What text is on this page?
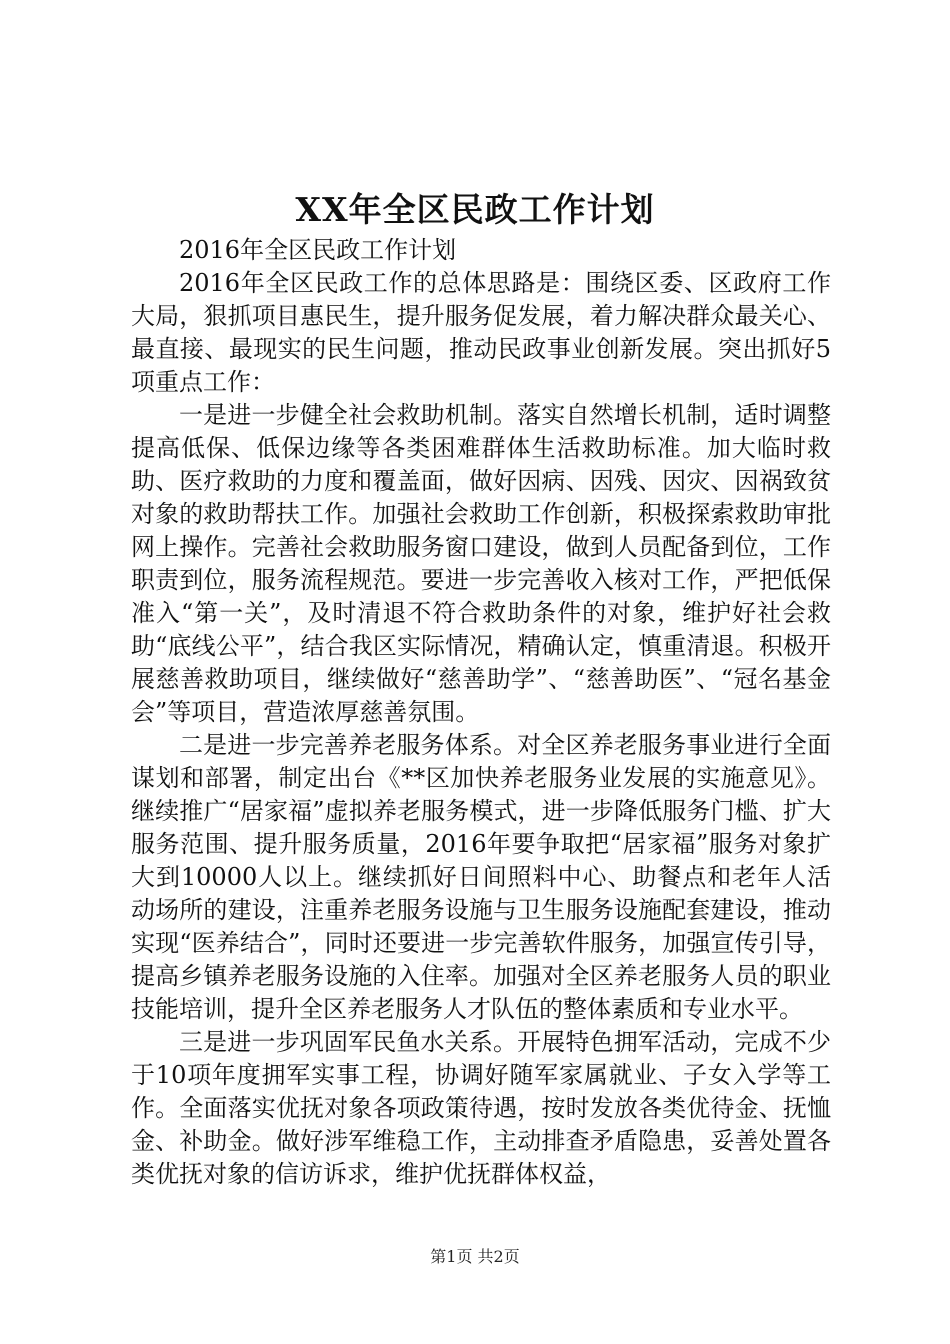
XX年全区民政工作计划

2016年全区民政工作计划

2016年全区民政工作的总体思路是：围绕区委、区政府工作大局，狠抓项目惠民生，提升服务促发展，着力解决群众最关心、最直接、最现实的民生问题，推动民政事业创新发展。突出抓好5项重点工作：

一是进一步健全社会救助机制。落实自然增长机制，适时调整提高低保、低保边缘等各类困难群体生活救助标准。加大临时救助、医疗救助的力度和覆盖面，做好因病、因残、因灾、因祸致贫对象的救助帮扶工作。加强社会救助工作创新，积极探索救助审批网上操作。完善社会救助服务窗口建设，做到人员配备到位，工作职责到位，服务流程规范。要进一步完善收入核对工作，严把低保准入“第一关”，及时清退不符合救助条件的对象，维护好社会救助“底线公平”，结合我区实际情况，精确认定，慎重清退。积极开展慈善救助项目，继续做好“慈善助学”、“慈善助医”、“冠名基金会”等项目，营造浓厚慈善氛围。

二是进一步完善养老服务体系。对全区养老服务事业进行全面谋划和部署，制定出台《**区加快养老服务业发展的实施意见》。继续推广“居家福”虚拟养老服务模式，进一步降低服务门槛、扩大服务范围、提升服务质量，2016年要争取把“居家福”服务对象扩大到10000人以上。继续抓好日间照料中心、助餐点和老年人活动场所的建设，注重养老服务设施与卫生服务设施配套建设，推动实现“医养结合”，同时还要进一步完善软件服务，加强宣传引导，提高乡镇养老服务设施的入住率。加强对全区养老服务人员的职业技能培训，提升全区养老服务人才队伍的整体素质和专业水平。

三是进一步巩固军民鱼水关系。开展特色拥军活动，完成不少于10项年度拥军实事工程，协调好随军家属就业、子女入学等工作。全面落实优抚对象各项政策待遇，按时发放各类优待金、抚恤金、补助金。做好涉军维稳工作，主动排查矛盾隐患，妥善处置各类优抚对象的信访诉求，维护优抚群体权益，

第1页 共2页
